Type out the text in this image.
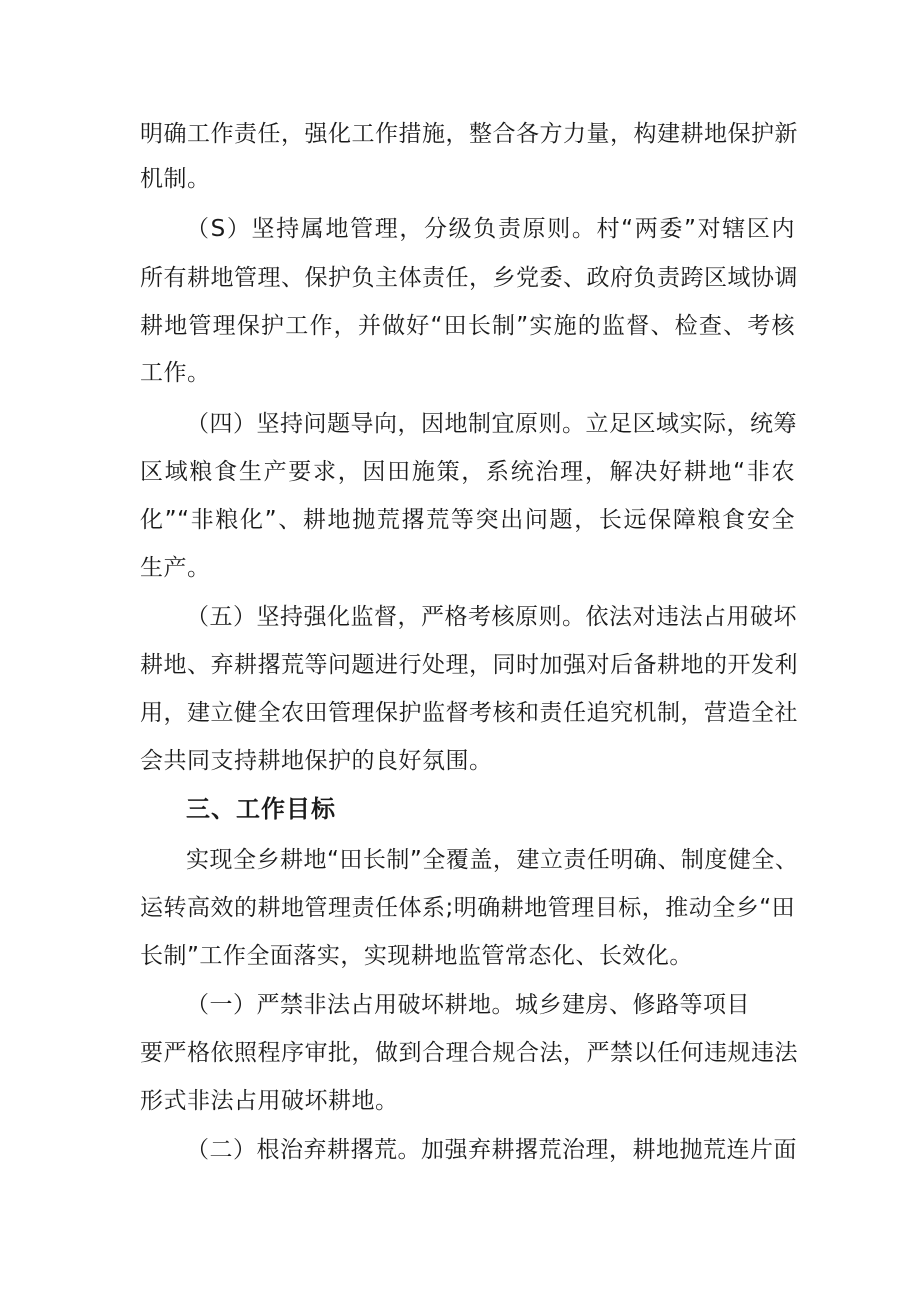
明确工作责任，强化工作措施，整合各方力量，构建耕地保护新
机制。
（S）坚持属地管理，分级负责原则。村“两委”对辖区内
所有耕地管理、保护负主体责任，乡党委、政府负责跨区域协调
耕地管理保护工作，并做好“田长制”实施的监督、检查、考核
工作。
（四）坚持问题导向，因地制宜原则。立足区域实际，统筹
区域粮食生产要求，因田施策，系统治理，解决好耕地“非农
化”“非粮化”、耕地抛荒撂荒等突出问题，长远保障粮食安全
生产。
（五）坚持强化监督，严格考核原则。依法对违法占用破坏
耕地、弃耕撂荒等问题进行处理，同时加强对后备耕地的开发利
用，建立健全农田管理保护监督考核和责任追究机制，营造全社
会共同支持耕地保护的良好氛围。
三、工作目标
实现全乡耕地“田长制”全覆盖，建立责任明确、制度健全、
运转高效的耕地管理责任体系;明确耕地管理目标，推动全乡“田
长制”工作全面落实，实现耕地监管常态化、长效化。
（一）严禁非法占用破坏耕地。城乡建房、修路等项目
要严格依照程序审批，做到合理合规合法，严禁以任何违规违法
形式非法占用破坏耕地。
（二）根治弃耕撂荒。加强弃耕撂荒治理，耕地抛荒连片面
